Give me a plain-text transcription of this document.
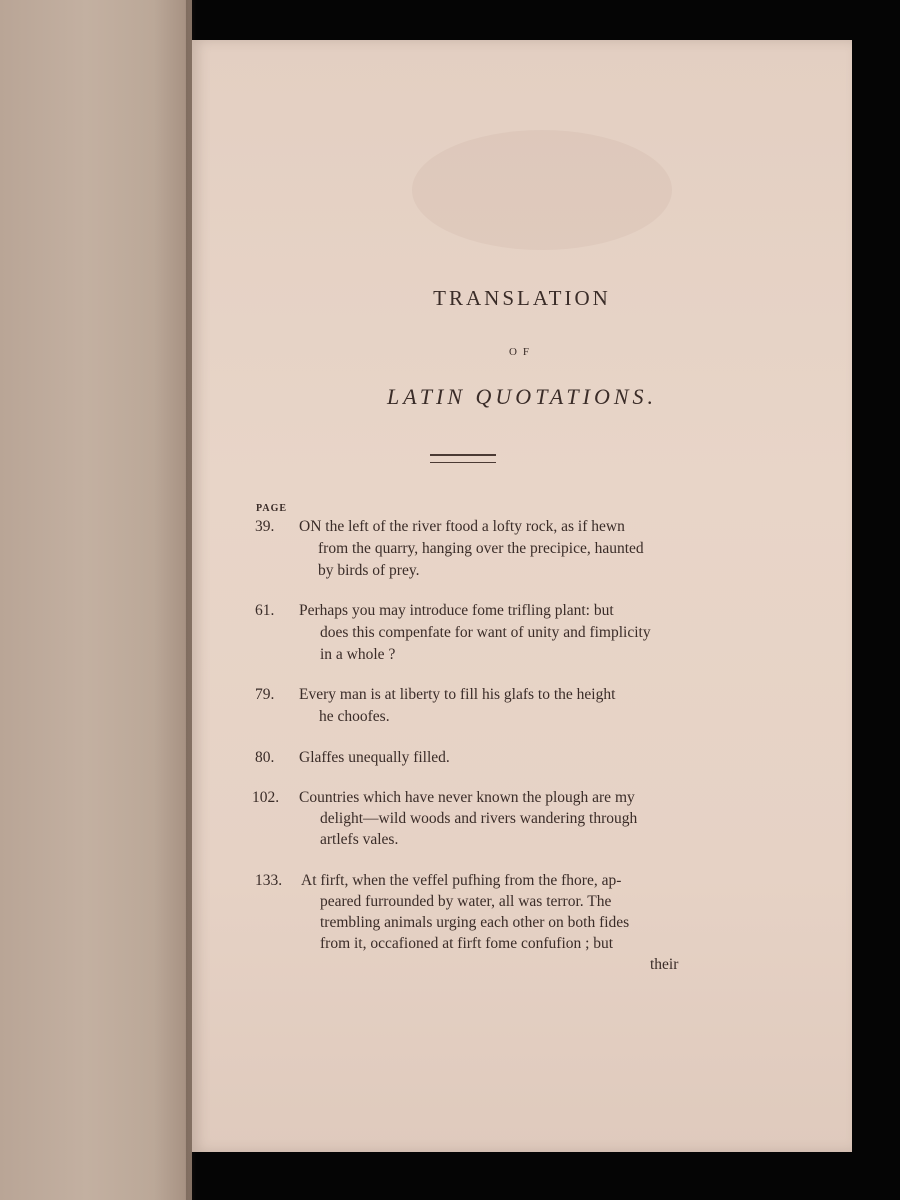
TRANSLATION
OF
LATIN QUOTATIONS.
PAGE
39.	ON the left of the river ftood a lofty rock, as if hewn
from the quarry, hanging over the precipice, haunted
by birds of prey.
61.	Perhaps you may introduce fome trifling plant: but
does this compenfate for want of unity and fimplicity
in a whole ?
79.	Every man is at liberty to fill his glafs to the height
he choofes.
80.	Glaffes unequally filled.
102.	Countries which have never known the plough are my
delight—wild woods and rivers wandering through
artlefs vales.
133.	At firft, when the veffel pufhing from the fhore, ap-
peared furrounded by water, all was terror. The
trembling animals urging each other on both fides
from it, occafioned at firft fome confufion ; but
their
